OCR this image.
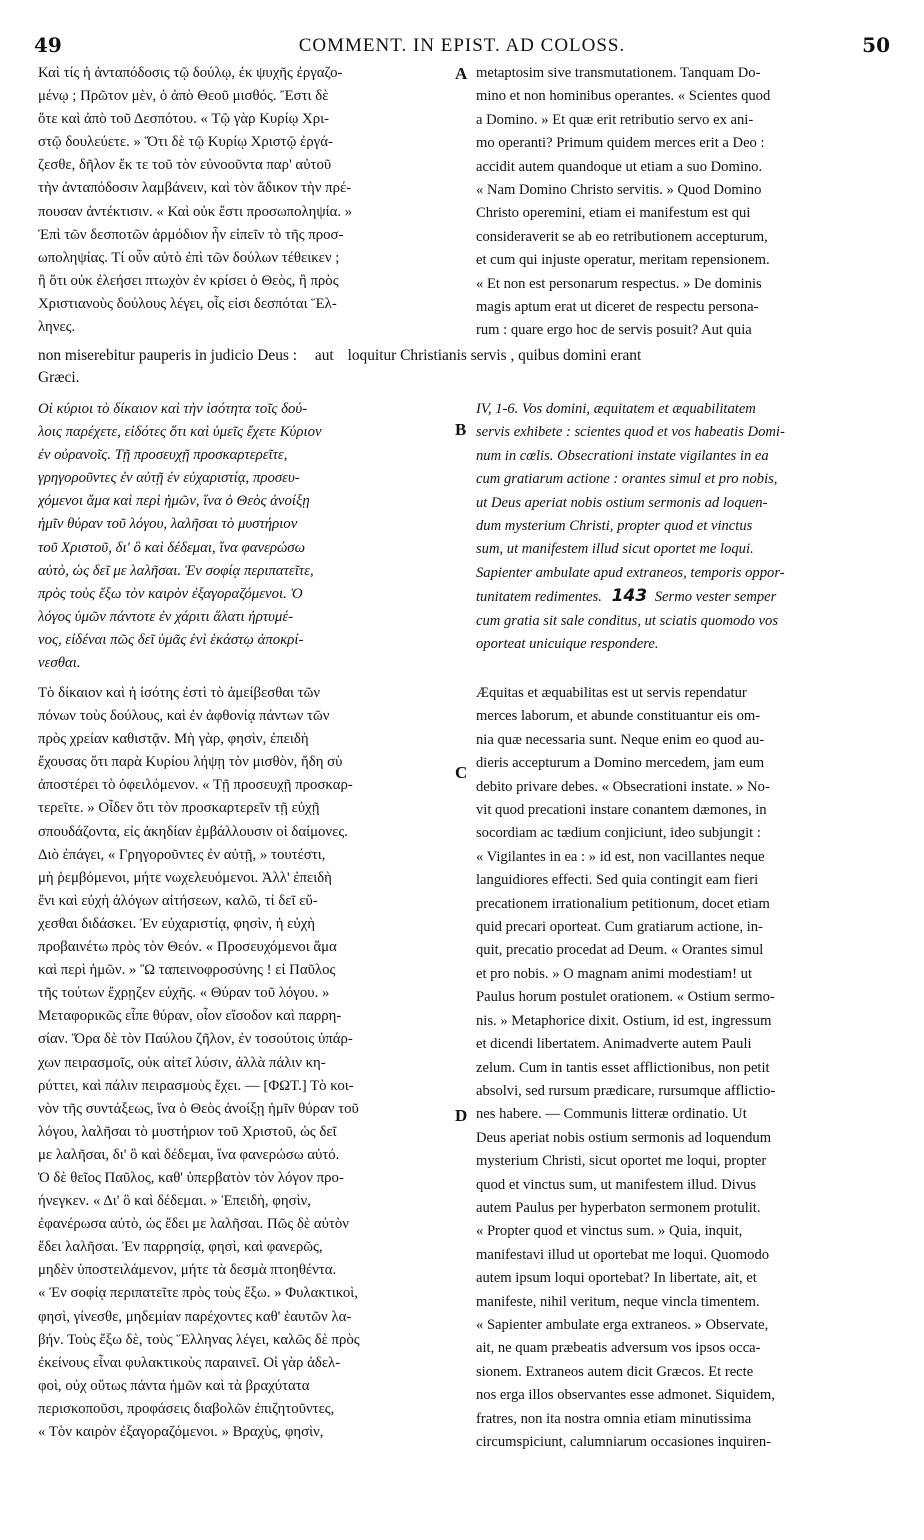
49	COMMENT. IN EPIST. AD COLOSS.	50
Καὶ τίς ἡ ἀνταπόδοσις τῷ δούλῳ, ἐκ ψυχῆς ἐργαζο-
μένῳ ; Πρῶτον μὲν, ὁ ἀπὸ Θεοῦ μισθός. Ἔστι δὲ
ὅτε καὶ ἀπὸ τοῦ Δεσπότου. « Τῷ γὰρ Κυρίῳ Χρι-
στῷ δουλεύετε. » Ὅτι δὲ τῷ Κυρίῳ Χριστῷ ἐργά-
ζεσθε, δῆλον ἔκ τε τοῦ τὸν εὐνοοῦντα παρ' αὐτοῦ
τὴν ἀνταπόδοσιν λαμβάνειν, καὶ τὸν ἄδικον τὴν πρέ-
πουσαν ἀντέκτισιν. « Καὶ οὐκ ἔστι προσωποληψία. »
Ἐπὶ τῶν δεσποτῶν ἁρμόδιον ἦν εἰπεῖν τὸ τῆς προσ-
ωποληψίας. Τί οὖν αὐτὸ ἐπὶ τῶν δούλων τέθεικεν ;
ἢ ὅτι οὐκ ἐλεήσει πτωχὸν ἐν κρίσει ὁ Θεὸς, ἢ πρὸς
Χριστιανοὺς δούλους λέγει, οἷς εἰσι δεσπόται Ἕλ-
ληνες.
metaptosim sive transmutationem. Tanquam Do-
mino et non hominibus operantes. « Scientes quod
a Domino. » Et quæ erit retributio servo ex ani-
mo operanti? Primum quidem merces erit a Deo :
accidit autem quandoque ut etiam a suo Domino.
« Nam Domino Christo servitis. » Quod Domino
Christo operemini, etiam ei manifestum est qui
consideraverit se ab eo retributionem accepturum,
et cum qui injuste operatur, meritam repensionem.
« Et non est personarum respectus. » De dominis
magis aptum erat ut diceret de respectu persona-
rum : quare ergo hoc de servis posuit? Aut quia
A
non miserebitur pauperis in judicio Deus : aut loquitur Christianis servis , quibus domini erant
Græci.
Οἱ κύριοι τὸ δίκαιον καὶ τὴν ἰσότητα τοῖς δού-
λοις παρέχετε, εἰδότες ὅτι καὶ ὑμεῖς ἔχετε Κύριον
ἐν οὐρανοῖς. Τῇ προσευχῇ προσκαρτερεῖτε,
γρηγοροῦντες ἐν αὐτῇ ἐν εὐχαριστίᾳ, προσευ-
χόμενοι ἅμα καὶ περὶ ἡμῶν, ἵνα ὁ Θεὸς ἀνοίξῃ
ἡμῖν θύραν τοῦ λόγου, λαλῆσαι τὸ μυστήριον
τοῦ Χριστοῦ, δι' ὃ καὶ δέδεμαι, ἵνα φανερώσω
αὐτὸ, ὡς δεῖ με λαλῆσαι. Ἐν σοφίᾳ περιπατεῖτε,
πρὸς τοὺς ἔξω τὸν καιρὸν ἐξαγοραζόμενοι. Ὁ
λόγος ὑμῶν πάντοτε ἐν χάριτι ἅλατι ἠρτυμέ-
νος, εἰδέναι πῶς δεῖ ὑμᾶς ἑνὶ ἑκάστῳ ἀποκρί-
νεσθαι.
IV, 1-6. Vos domini, æquitatem et æquabilitatem
servis exhibete : scientes quod et vos habeatis Domi-
num in cœlis. Obsecrationi instate vigilantes in ea
cum gratiarum actione : orantes simul et pro nobis,
ut Deus aperiat nobis ostium sermonis ad loquen-
dum mysterium Christi, propter quod et vinctus
sum, ut manifestem illud sicut oportet me loqui.
Sapienter ambulate apud extraneos, temporis oppor-
tunitatem redimentes. 143 Sermo vester semper
cum gratia sit sale conditus, ut sciatis quomodo vos
oporteat unicuique respondere.
B
Τὸ δίκαιον καὶ ἡ ἰσότης ἐστὶ τὸ ἀμείβεσθαι τῶν
πόνων τοὺς δούλους, καὶ ἐν ἀφθονίᾳ πάντων τῶν
πρὸς χρείαν καθιστᾷν. Μὴ γὰρ, φησὶν, ἐπειδὴ
ἔχουσας ὅτι παρὰ Κυρίου λήψῃ τὸν μισθὸν, ἤδη σὺ
ἀποστέρει τὸ ὀφειλόμενον. « Τῇ προσευχῇ προσκαρ-
τερεῖτε. » Οἶδεν ὅτι τὸν προσκαρτερεῖν τῇ εὐχῇ
σπουδάζοντα, εἰς ἀκηδίαν ἐμβάλλουσιν οἱ δαίμονες.
Διὸ ἐπάγει, « Γρηγοροῦντες ἐν αὐτῇ, » τουτέστι,
μὴ ῥεμβόμενοι, μήτε νωχελευόμενοι. Ἀλλ' ἐπειδὴ
ἔνι καὶ εὐχὴ ἀλόγων αἰτήσεων, καλῶ, τί δεῖ εὔ-
χεσθαι διδάσκει. Ἐν εὐχαριστίᾳ, φησὶν, ἡ εὐχὴ
προβαινέτω πρὸς τὸν Θεόν. « Προσευχόμενοι ἅμα
καὶ περὶ ἡμῶν. » Ὢ ταπεινοφροσύνης ! εἰ Παῦλος
τῆς τούτων ἔχρῃζεν εὐχῆς. « Θύραν τοῦ λόγου. »
Μεταφορικῶς εἶπε θύραν, οἷον εἴσοδον καὶ παρρη-
σίαν. Ὅρα δὲ τὸν Παύλου ζῆλον, ἐν τοσούτοις ὑπάρ-
χων πειρασμοῖς, οὐκ αἰτεῖ λύσιν, ἀλλὰ πάλιν κη-
ρύττει, καὶ πάλιν πειρασμοὺς ἔχει. — [ΦΩΤ.] Τὸ κοι-
νὸν τῆς συντάξεως, ἵνα ὁ Θεὸς ἀνοίξῃ ἡμῖν θύραν τοῦ
λόγου, λαλῆσαι τὸ μυστήριον τοῦ Χριστοῦ, ὡς δεῖ
με λαλῆσαι, δι' ὃ καὶ δέδεμαι, ἵνα φανερώσω αὐτό.
Ὁ δὲ θεῖος Παῦλος, καθ' ὑπερβατὸν τὸν λόγον προ-
ήνεγκεν. « Δι' ὃ καὶ δέδεμαι. » Ἐπειδὴ, φησὶν,
ἐφανέρωσα αὐτὸ, ὡς ἔδει με λαλῆσαι. Πῶς δὲ αὐτὸν
ἔδει λαλῆσαι. Ἐν παρρησίᾳ, φησὶ, καὶ φανερῶς,
μηδὲν ὑποστειλάμενον, μήτε τὰ δεσμὰ πτοηθέντα.
« Ἐν σοφίᾳ περιπατεῖτε πρὸς τοὺς ἔξω. » Φυλακτικοὶ,
φησὶ, γίνεσθε, μηδεμίαν παρέχοντες καθ' ἑαυτῶν λα-
βήν. Τοὺς ἔξω δὲ, τοὺς Ἕλληνας λέγει, καλῶς δὲ πρὸς
ἐκείνους εἶναι φυλακτικοὺς παραινεῖ. Οἱ γὰρ ἀδελ-
φοὶ, οὐχ οὕτως πάντα ἡμῶν καὶ τὰ βραχύτατα
περισκοποῦσι, προφάσεις διαβολῶν ἐπιζητοῦντες,
« Τὸν καιρὸν ἐξαγοραζόμενοι. » Βραχὺς, φησὶν,
Æquitas et æquabilitas est ut servis rependatur
merces laborum, et abunde constituantur eis om-
nia quæ necessaria sunt. Neque enim eo quod au-
dieris accepturum a Domino mercedem, jam eum
debito privare debes. « Obsecrationi instate. » No-
vit quod precationi instare conantem dæmones, in
socordiam ac tædium conjiciunt, ideo subjungit :
« Vigilantes in ea : » id est, non vacillantes neque
languidiores effecti. Sed quia contingit eam fieri
precationem irrationalium petitionum, docet etiam
quid precari oporteat. Cum gratiarum actione, in-
quit, precatio procedat ad Deum. « Orantes simul
et pro nobis. » O magnam animi modestiam! ut
Paulus horum postulet orationem. « Ostium sermo-
nis. » Metaphorice dixit. Ostium, id est, ingressum
et dicendi libertatem. Animadverte autem Pauli
zelum. Cum in tantis esset afflictionibus, non petit
absolvi, sed rursum prædicare, rursumque afflictio-
nes habere. — Communis litteræ ordinatio. Ut
Deus aperiat nobis ostium sermonis ad loquendum
mysterium Christi, sicut oportet me loqui, propter
quod et vinctus sum, ut manifestem illud. Divus
autem Paulus per hyperbaton sermonem protulit.
« Propter quod et vinctus sum. » Quia, inquit,
manifestavi illud ut oportebat me loqui. Quomodo
autem ipsum loqui oportebat? In libertate, ait, et
manifeste, nihil veritum, neque vincla timentem.
« Sapienter ambulate erga extraneos. » Observate,
ait, ne quam præbeatis adversum vos ipsos occa-
sionem. Extraneos autem dicit Græcos. Et recte
nos erga illos observantes esse admonet. Siquidem,
fratres, non ita nostra omnia etiam minutissima
circumspiciunt, calumniarum occasiones inquiren-
C
D
